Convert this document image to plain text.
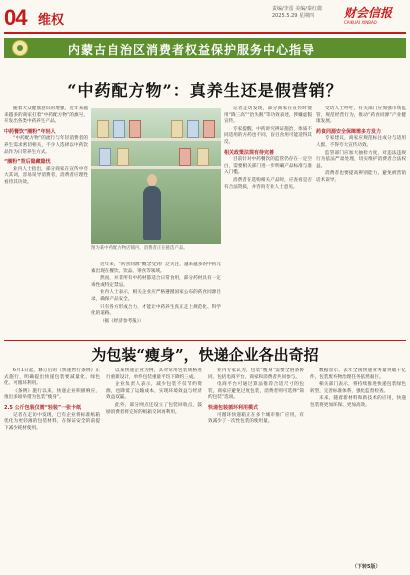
04 维权
责编/李雷 美编/秦红微
2025.5.29 星期四	财会信报
CAIKUAI XINBAO
内蒙古自治区消费者权益保护服务中心指导
“中药配方物”：真养生还是假营销？

随着大众健康意识的增强，近年来越来越多的商家打着“中药配方物”的旗号，开发出各类中药养生产品。

中药餐饮“圈粉”年轻人

“中药配方物”的流行与年轻消费者的养生需求密切相关，不少人选择以中药饮品作为日常养生方式。

“圈粉”背后隐藏隐忧

业内人士指出，部分商家在宣传中夸大其词，容易误导消费者，消费者应理性看待其功效。

记者走访发现，部分商家在宣传时使用“降三高”“治失眠”等功效表述，涉嫌虚假宣传。

专家提醒，中药讲究辨证施治，体质不同适用的方药也不同，盲目食用可能适得其反。

相关政策法规有待完善

目前针对中药餐饮的监管仍存在一定空白，需要相关部门进一步明确产品标准与准入门槛。

消费者在选购相关产品时，应查看是否有合法资质，并咨询专业人士意见。

受访人士呼吁，有关部门应加强市场监管，规范经营行为，推动“药食同源”产业健康发展。

药食同源安全保障需多方发力

专家建议，商家应规范标注成分与适用人群，不得夸大宣传功效。

监管部门应加大抽检力度，对违法违规行为依法严肃处理，切实维护消费者合法权益。

消费者也要提高辨别能力，避免被营销话术误导。

近年来，“药食同源”概念受到广泛关注，越来越多的中药元素出现在餐饮、饮品、零食等领域。

然而，并非所有中药材都适合日常食用，部分药材具有一定毒性或特定禁忌。

业内人士表示，相关企业应严格遵循国家公布的药食同源目录，确保产品安全。

只有各方形成合力，才能让中药养生真正走上规范化、科学化的道路。

（据《经济参考报》）

图为某中药配方物店铺内，消费者正在挑选产品。
为包装“瘦身”，快递企业各出奇招

6月1日起，修订后的《快递暂行条例》正式施行，明确提出快递包装要减量化、绿色化、可循环利用。

《条例》施行以来，快递企业积极响应，推出多项举措为包装“瘦身”。

2.5 公斤包装仅需“轻装”一张卡纸

记者在走访中发现，已有企业将标准纸箱优化为更轻薄的包装材料，在保证安全的前提下减少耗材使用。

以某快递企业为例，其对常用包装规格进行重新设计，单件包装重量平均下降约三成。

企业负责人表示，减少包装不仅节约资源，也降低了运输成本，实现环境效益与经济效益双赢。

此外，部分网点还设立了包装回收点，鼓励消费者将完好的纸箱交回再利用。

业内专家认为，包装“瘦身”需要全链条协同，包括电商平台、商家和消费者共同参与。

电商平台可通过算法推荐合适尺寸的包装，商家应避免过度包装，消费者则可选择“简约包装”选项。

快递包装循环利用模式

可循环快递箱正在多个城市推广应用，有效减少了一次性包装的使用量。

数据显示，去年全国快递业务量突破千亿件，包装废弃物治理任务依然艰巨。

相关部门表示，将持续推进快递包装绿色转型，完善标准体系，强化监督检查。

未来，随着新材料和新技术的应用，快递包装将更加环保、更加高效。

（下转5版）
